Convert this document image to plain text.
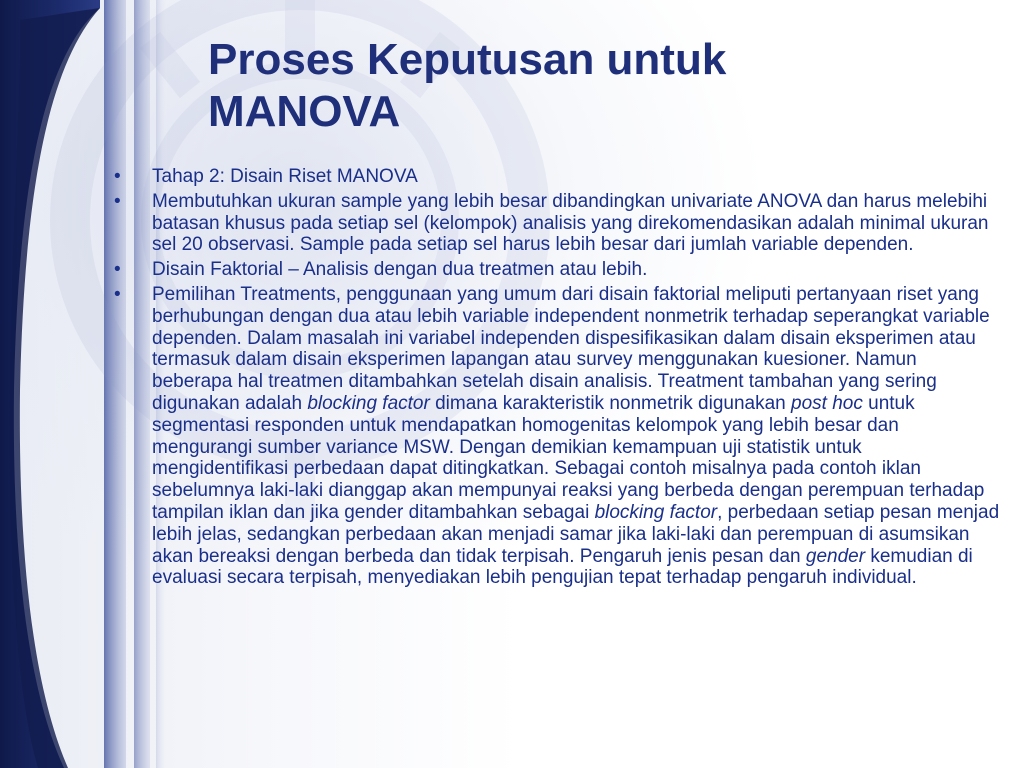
Proses Keputusan untuk
MANOVA
• Tahap 2: Disain Riset MANOVA
• Membutuhkan ukuran sample yang lebih besar dibandingkan univariate ANOVA dan harus melebihi batasan khusus pada setiap sel (kelompok) analisis yang direkomendasikan adalah minimal ukuran sel 20 observasi. Sample pada setiap sel harus lebih besar dari jumlah variable dependen.
• Disain Faktorial – Analisis dengan dua treatmen atau lebih.
• Pemilihan Treatments, penggunaan yang umum dari disain faktorial meliputi pertanyaan riset yang berhubungan dengan dua atau lebih variable independent nonmetrik terhadap seperangkat variable dependen. Dalam masalah ini variabel independen dispesifikasikan dalam disain eksperimen atau termasuk dalam disain eksperimen lapangan atau survey menggunakan kuesioner. Namun beberapa hal treatmen ditambahkan setelah disain analisis. Treatment tambahan yang sering digunakan adalah blocking factor dimana karakteristik nonmetrik digunakan post hoc untuk segmentasi responden untuk mendapatkan homogenitas kelompok yang lebih besar dan mengurangi sumber variance MSW. Dengan demikian kemampuan uji statistik untuk mengidentifikasi perbedaan dapat ditingkatkan. Sebagai contoh misalnya pada contoh iklan sebelumnya laki-laki dianggap akan mempunyai reaksi yang berbeda dengan perempuan terhadap tampilan iklan dan jika gender ditambahkan sebagai blocking factor, perbedaan setiap pesan menjad lebih jelas, sedangkan perbedaan akan menjadi samar jika laki-laki dan perempuan di asumsikan akan bereaksi dengan berbeda dan tidak terpisah. Pengaruh jenis pesan dan gender kemudian di evaluasi secara terpisah, menyediakan lebih pengujian tepat terhadap pengaruh individual.
